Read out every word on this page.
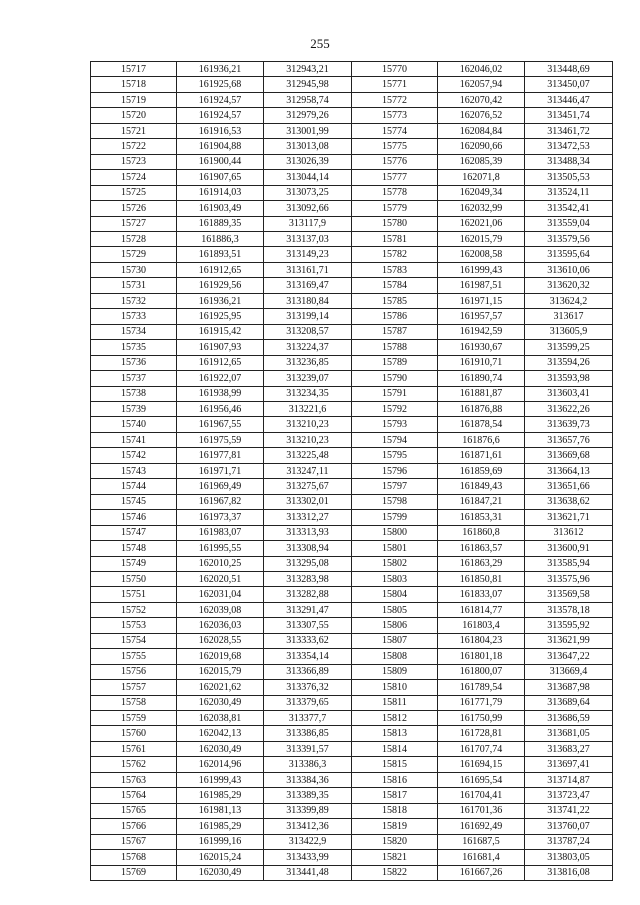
255
15717	161936,21	312943,21	15770	162046,02	313448,69
15718	161925,68	312945,98	15771	162057,94	313450,07
15719	161924,57	312958,74	15772	162070,42	313446,47
15720	161924,57	312979,26	15773	162076,52	313451,74
15721	161916,53	313001,99	15774	162084,84	313461,72
15722	161904,88	313013,08	15775	162090,66	313472,53
15723	161900,44	313026,39	15776	162085,39	313488,34
15724	161907,65	313044,14	15777	162071,8	313505,53
15725	161914,03	313073,25	15778	162049,34	313524,11
15726	161903,49	313092,66	15779	162032,99	313542,41
15727	161889,35	313117,9	15780	162021,06	313559,04
15728	161886,3	313137,03	15781	162015,79	313579,56
15729	161893,51	313149,23	15782	162008,58	313595,64
15730	161912,65	313161,71	15783	161999,43	313610,06
15731	161929,56	313169,47	15784	161987,51	313620,32
15732	161936,21	313180,84	15785	161971,15	313624,2
15733	161925,95	313199,14	15786	161957,57	313617
15734	161915,42	313208,57	15787	161942,59	313605,9
15735	161907,93	313224,37	15788	161930,67	313599,25
15736	161912,65	313236,85	15789	161910,71	313594,26
15737	161922,07	313239,07	15790	161890,74	313593,98
15738	161938,99	313234,35	15791	161881,87	313603,41
15739	161956,46	313221,6	15792	161876,88	313622,26
15740	161967,55	313210,23	15793	161878,54	313639,73
15741	161975,59	313210,23	15794	161876,6	313657,76
15742	161977,81	313225,48	15795	161871,61	313669,68
15743	161971,71	313247,11	15796	161859,69	313664,13
15744	161969,49	313275,67	15797	161849,43	313651,66
15745	161967,82	313302,01	15798	161847,21	313638,62
15746	161973,37	313312,27	15799	161853,31	313621,71
15747	161983,07	313313,93	15800	161860,8	313612
15748	161995,55	313308,94	15801	161863,57	313600,91
15749	162010,25	313295,08	15802	161863,29	313585,94
15750	162020,51	313283,98	15803	161850,81	313575,96
15751	162031,04	313282,88	15804	161833,07	313569,58
15752	162039,08	313291,47	15805	161814,77	313578,18
15753	162036,03	313307,55	15806	161803,4	313595,92
15754	162028,55	313333,62	15807	161804,23	313621,99
15755	162019,68	313354,14	15808	161801,18	313647,22
15756	162015,79	313366,89	15809	161800,07	313669,4
15757	162021,62	313376,32	15810	161789,54	313687,98
15758	162030,49	313379,65	15811	161771,79	313689,64
15759	162038,81	313377,7	15812	161750,99	313686,59
15760	162042,13	313386,85	15813	161728,81	313681,05
15761	162030,49	313391,57	15814	161707,74	313683,27
15762	162014,96	313386,3	15815	161694,15	313697,41
15763	161999,43	313384,36	15816	161695,54	313714,87
15764	161985,29	313389,35	15817	161704,41	313723,47
15765	161981,13	313399,89	15818	161701,36	313741,22
15766	161985,29	313412,36	15819	161692,49	313760,07
15767	161999,16	313422,9	15820	161687,5	313787,24
15768	162015,24	313433,99	15821	161681,4	313803,05
15769	162030,49	313441,48	15822	161667,26	313816,08
